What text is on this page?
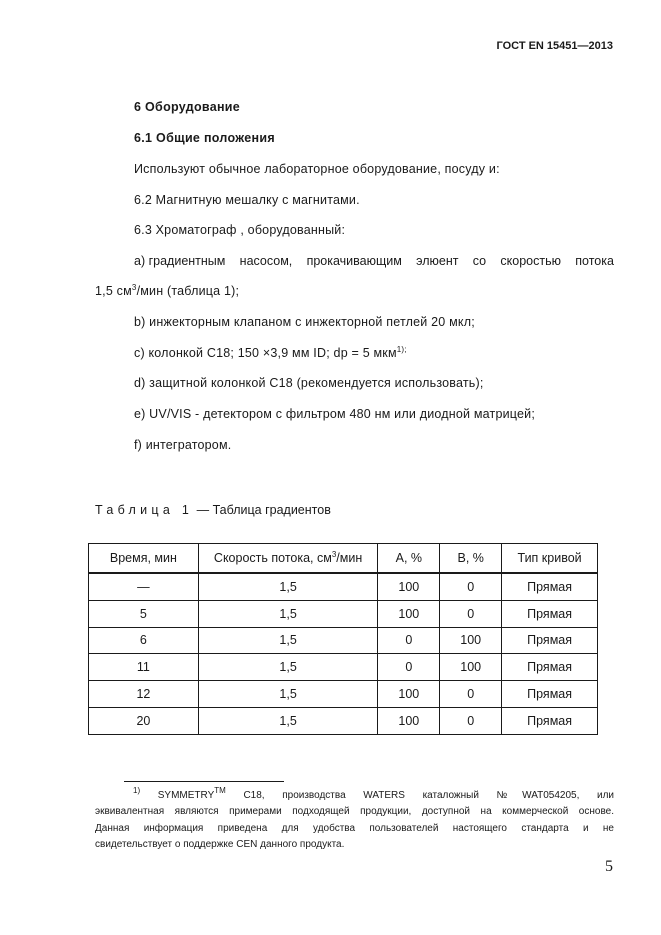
ГОСТ EN 15451—2013
6 Оборудование
6.1 Общие положения
Используют обычное лабораторное оборудование, посуду и:
6.2 Магнитную мешалку с магнитами.
6.3 Хроматограф , оборудованный:
а) градиентным насосом, прокачивающим элюент со скоростью потока
1,5 $см^3$/мин (таблица 1);
b) инжекторным клапаном с инжекторной петлей 20 мкл;
с) колонкой С18; 150 ×3,9 мм ID; dp = 5 мкм$^{1);}$
d) защитной колонкой С18 (рекомендуется использовать);
е) UV/VIS - детектором с фильтром 480 нм или диодной матрицей;
f) интегратором.
Таблица 1 — Таблица градиентов
Время, мин	Скорость потока, $см^3$/мин	А, %	В, %	Тип кривой
—	1,5	100	0	Прямая
5	1,5	100	0	Прямая
6	1,5	0	100	Прямая
11	1,5	0	100	Прямая
12	1,5	100	0	Прямая
20	1,5	100	0	Прямая
$^{1)}$ SYMMETRY™ С18, производства WATERS каталожный №WAT054205, или
эквивалентная являются примерами подходящей продукции, доступной на коммерческой основе.
Данная информация приведена для удобства пользователей настоящего стандарта и не
свидетельствует о поддержке CEN данного продукта.
5
